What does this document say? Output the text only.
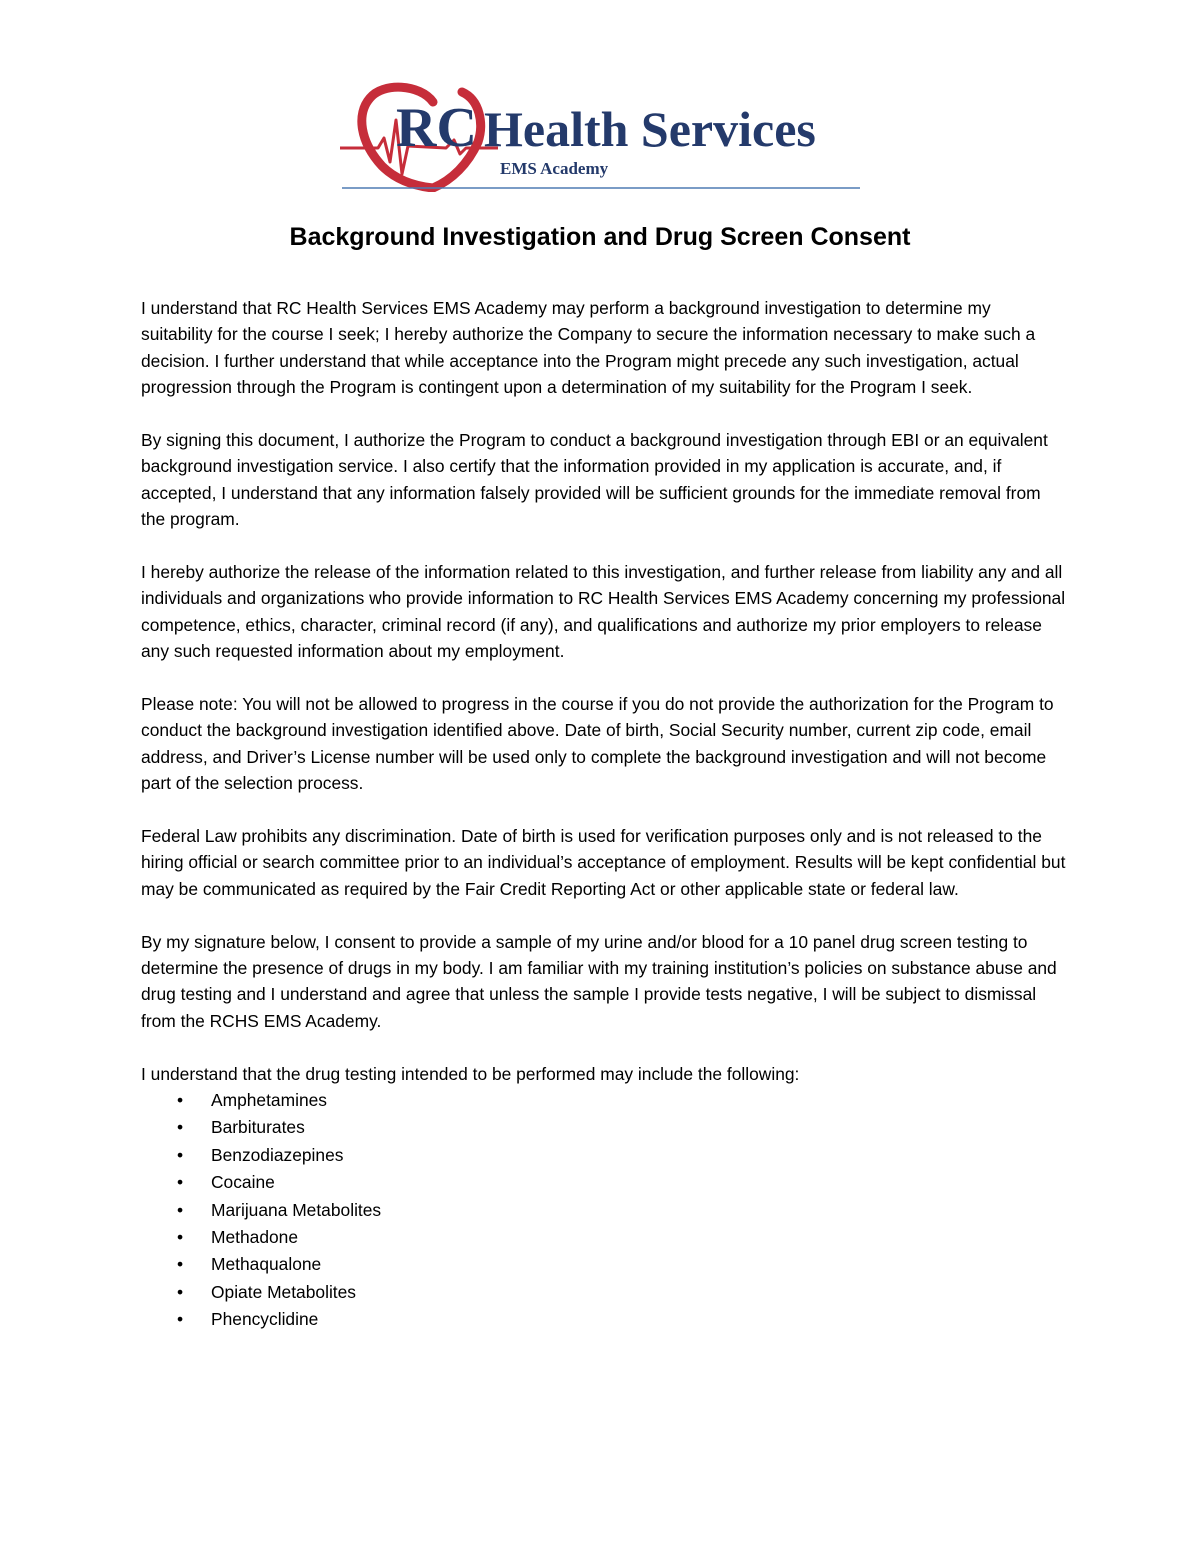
RC Health Services
EMS Academy
Background Investigation and Drug Screen Consent

I understand that RC Health Services EMS Academy may perform a background investigation to determine my suitability for the course I seek; I hereby authorize the Company to secure the information necessary to make such a decision. I further understand that while acceptance into the Program might precede any such investigation, actual progression through the Program is contingent upon a determination of my suitability for the Program I seek.

By signing this document, I authorize the Program to conduct a background investigation through EBI or an equivalent background investigation service. I also certify that the information provided in my application is accurate, and, if accepted, I understand that any information falsely provided will be sufficient grounds for the immediate removal from the program.

I hereby authorize the release of the information related to this investigation, and further release from liability any and all individuals and organizations who provide information to RC Health Services EMS Academy concerning my professional competence, ethics, character, criminal record (if any), and qualifications and authorize my prior employers to release any such requested information about my employment.

Please note: You will not be allowed to progress in the course if you do not provide the authorization for the Program to conduct the background investigation identified above. Date of birth, Social Security number, current zip code, email address, and Driver’s License number will be used only to complete the background investigation and will not become part of the selection process.

Federal Law prohibits any discrimination. Date of birth is used for verification purposes only and is not released to the hiring official or search committee prior to an individual’s acceptance of employment. Results will be kept confidential but may be communicated as required by the Fair Credit Reporting Act or other applicable state or federal law.

By my signature below, I consent to provide a sample of my urine and/or blood for a 10 panel drug screen testing to determine the presence of drugs in my body. I am familiar with my training institution’s policies on substance abuse and drug testing and I understand and agree that unless the sample I provide tests negative, I will be subject to dismissal from the RCHS EMS Academy.

I understand that the drug testing intended to be performed may include the following:

• Amphetamines
• Barbiturates
• Benzodiazepines
• Cocaine
• Marijuana Metabolites
• Methadone
• Methaqualone
• Opiate Metabolites
• Phencyclidine
